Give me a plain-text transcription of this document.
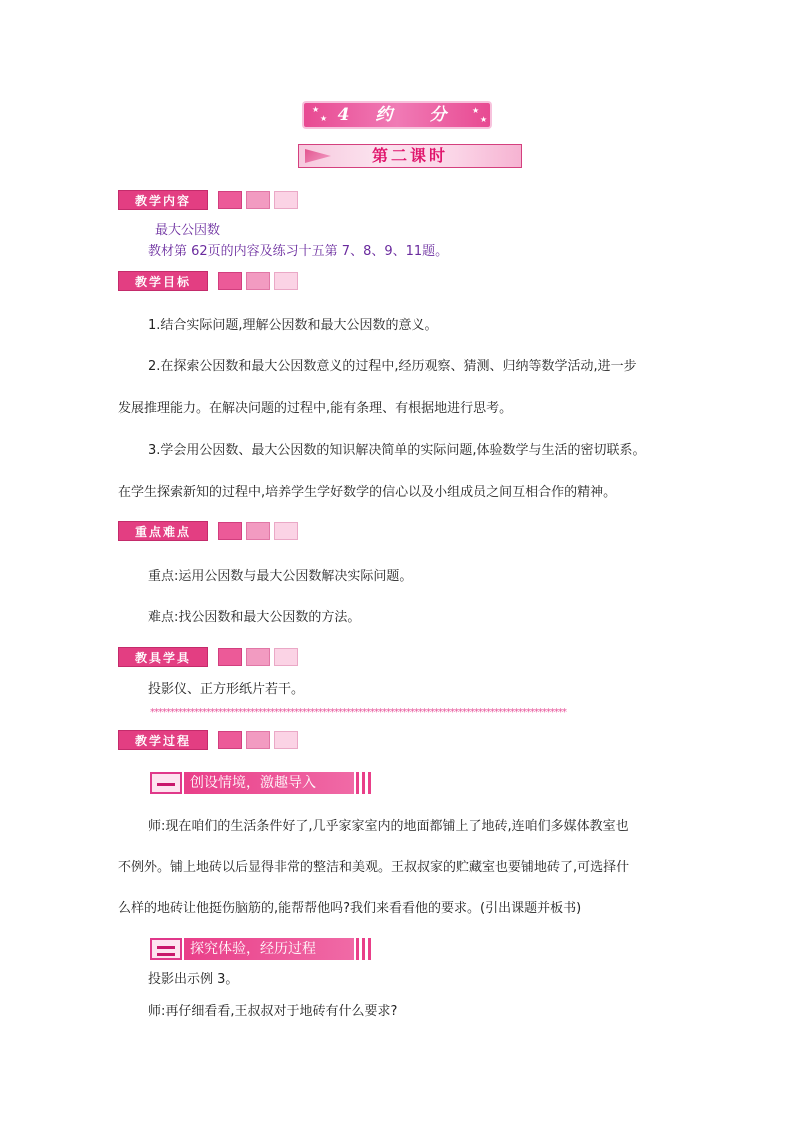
★
★
★
★
4 约　分
第二课时
教学内容
最大公因数
教材第 62页的内容及练习十五第 7、8、9、11题。
教学目标
1.结合实际问题,理解公因数和最大公因数的意义。
2.在探索公因数和最大公因数意义的过程中,经历观察、猜测、归纳等数学活动,进一步
发展推理能力。在解决问题的过程中,能有条理、有根据地进行思考。
3.学会用公因数、最大公因数的知识解决简单的实际问题,体验数学与生活的密切联系。
在学生探索新知的过程中,培养学生学好数学的信心以及小组成员之间互相合作的精神。
重点难点
重点:运用公因数与最大公因数解决实际问题。
难点:找公因数和最大公因数的方法。
教具学具
投影仪、正方形纸片若干。
********************************************************************************************************
教学过程
创设情境，激趣导入
师:现在咱们的生活条件好了,几乎家家室内的地面都铺上了地砖,连咱们多媒体教室也
不例外。铺上地砖以后显得非常的整洁和美观。王叔叔家的贮藏室也要铺地砖了,可选择什
么样的地砖让他挺伤脑筋的,能帮帮他吗?我们来看看他的要求。(引出课题并板书)
探究体验，经历过程
投影出示例 3。
师:再仔细看看,王叔叔对于地砖有什么要求?
